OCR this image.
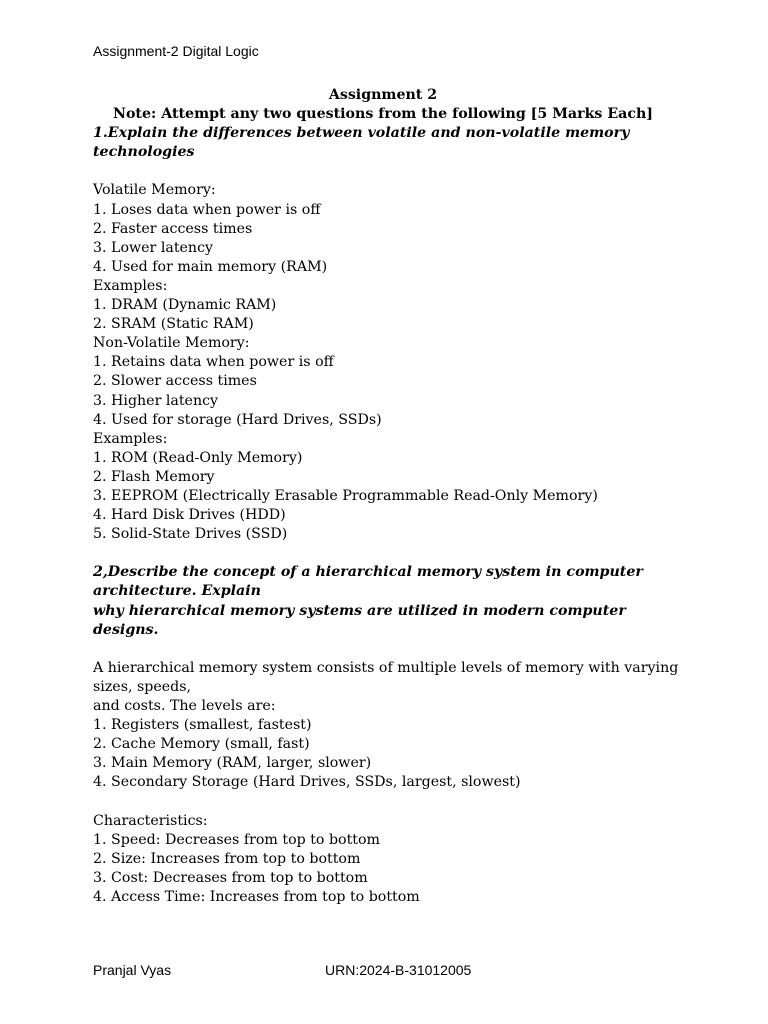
Assignment-2 Digital Logic
Assignment 2
Note: Attempt any two questions from the following [5 Marks Each]
1.Explain the differences between volatile and non-volatile memory
technologies
Volatile Memory:
1. Loses data when power is off
2. Faster access times
3. Lower latency
4. Used for main memory (RAM)
Examples:
1. DRAM (Dynamic RAM)
2. SRAM (Static RAM)
Non-Volatile Memory:
1. Retains data when power is off
2. Slower access times
3. Higher latency
4. Used for storage (Hard Drives, SSDs)
Examples:
1. ROM (Read-Only Memory)
2. Flash Memory
3. EEPROM (Electrically Erasable Programmable Read-Only Memory)
4. Hard Disk Drives (HDD)
5. Solid-State Drives (SSD)
2,Describe the concept of a hierarchical memory system in computer
architecture. Explain
why hierarchical memory systems are utilized in modern computer
designs.
A hierarchical memory system consists of multiple levels of memory with varying
sizes, speeds,
and costs. The levels are:
1. Registers (smallest, fastest)
2. Cache Memory (small, fast)
3. Main Memory (RAM, larger, slower)
4. Secondary Storage (Hard Drives, SSDs, largest, slowest)
Characteristics:
1. Speed: Decreases from top to bottom
2. Size: Increases from top to bottom
3. Cost: Decreases from top to bottom
4. Access Time: Increases from top to bottom
Pranjal Vyas	URN:2024-B-31012005
